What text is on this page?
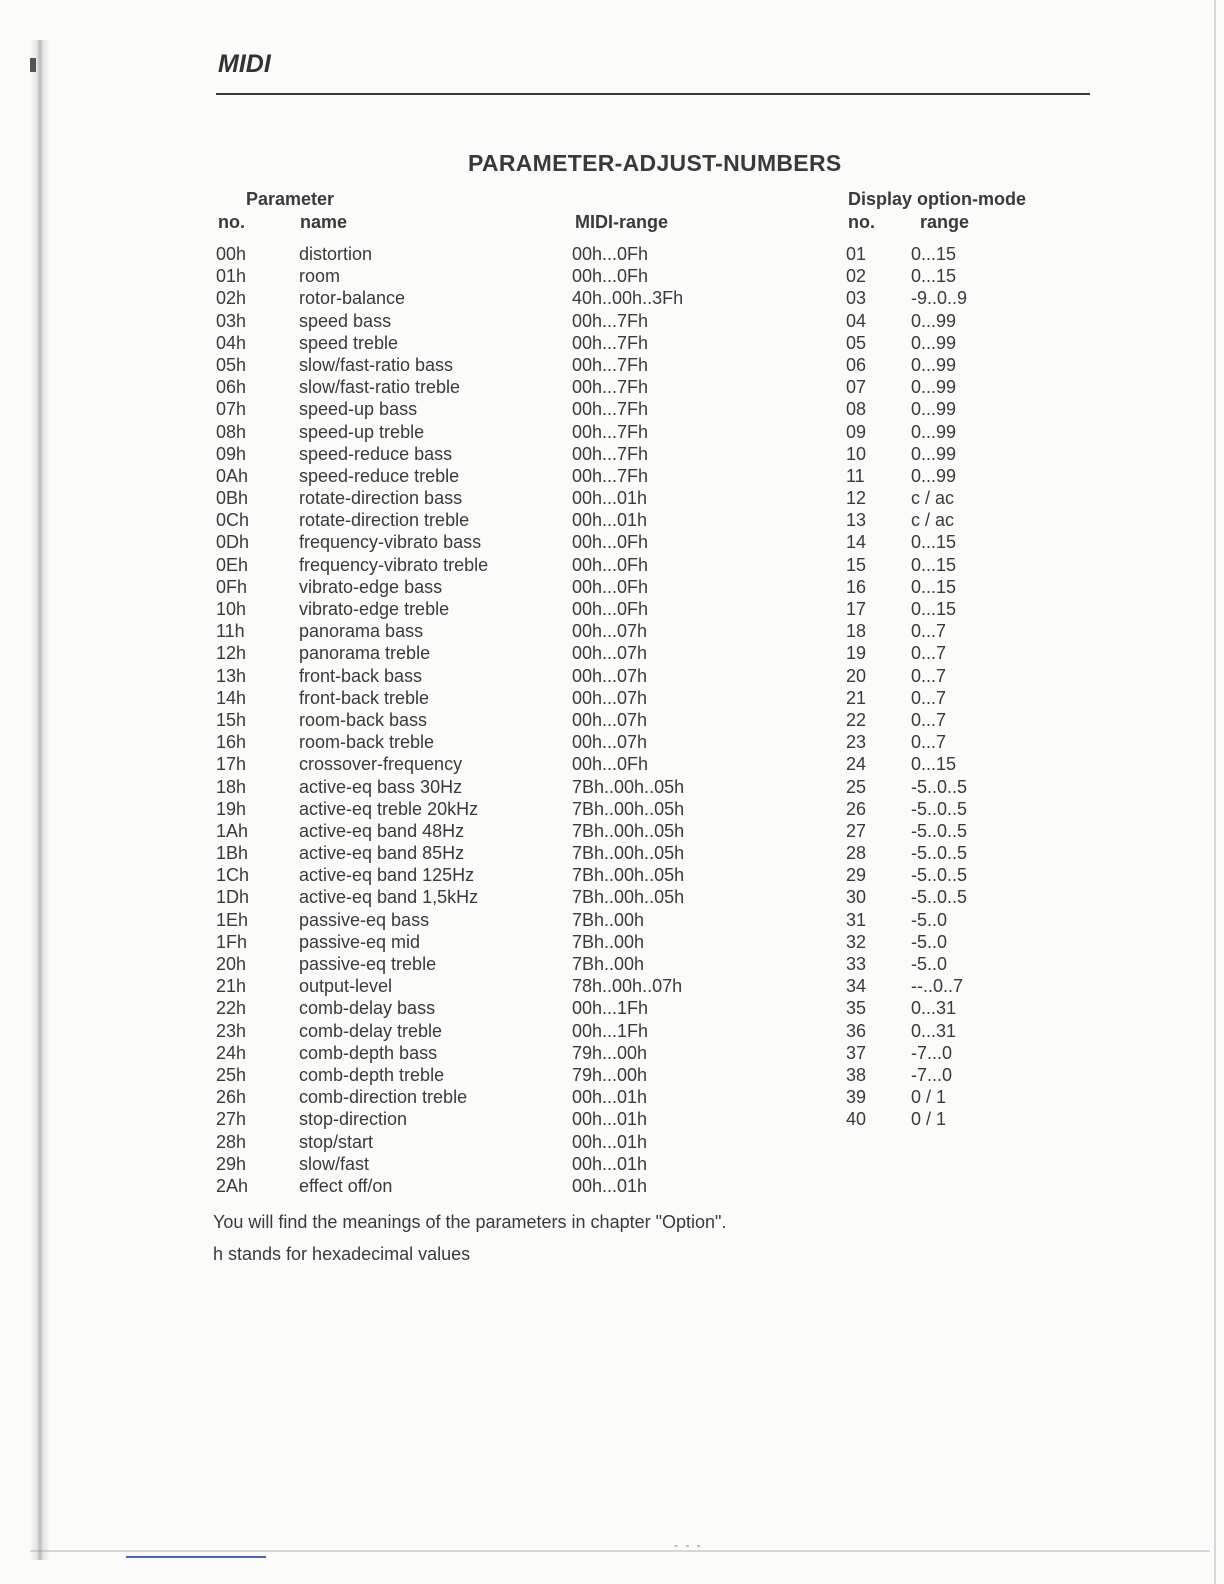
MIDI
PARAMETER-ADJUST-NUMBERS
Parameter
no.	name	MIDI-range
Display option-mode
no.	range
00h	distortion	00h...0Fh	01 0...15
01h	room	00h...0Fh	02 0...15
02h	rotor-balance	40h..00h..3Fh	03 -9..0..9
03h	speed bass	00h...7Fh	04 0...99
04h	speed treble	00h...7Fh	05 0...99
05h	slow/fast-ratio bass	00h...7Fh	06 0...99
06h	slow/fast-ratio treble	00h...7Fh	07 0...99
07h	speed-up bass	00h...7Fh	08 0...99
08h	speed-up treble	00h...7Fh	09 0...99
09h	speed-reduce bass	00h...7Fh	10 0...99
0Ah	speed-reduce treble	00h...7Fh	11	0...99
0Bh	rotate-direction bass	00h...01h	12 c / ac
0Ch	rotate-direction treble	00h...01h	13 c / ac
0Dh	frequency-vibrato bass	00h...0Fh	14 0...15
0Eh	frequency-vibrato treble	00h...0Fh	15 0...15
0Fh	vibrato-edge bass	00h...0Fh	16 0...15
10h	vibrato-edge treble	00h...0Fh	17 0...15
11h	panorama bass	00h...07h	18 0...7
12h	panorama treble	00h...07h	19 0...7
13h	front-back bass	00h...07h	20 0...7
14h	front-back treble	00h...07h	21 0...7
15h	room-back bass	00h...07h	22 0...7
16h	room-back treble	00h...07h	23 0...7
17h	crossover-frequency	00h...0Fh	24 0...15
18h	active-eq bass 30Hz	7Bh..00h..05h	25 -5..0..5
19h	active-eq treble 20kHz	7Bh..00h..05h	26 -5..0..5
1Ah	active-eq band 48Hz	7Bh..00h..05h	27 -5..0..5
1Bh	active-eq band 85Hz	7Bh..00h..05h	28 -5..0..5
1Ch	active-eq band 125Hz	7Bh..00h..05h	29 -5..0..5
1Dh	active-eq band 1,5kHz	7Bh..00h..05h	30 -5..0..5
1Eh	passive-eq bass	7Bh..00h	31 -5..0
1Fh	passive-eq mid	7Bh..00h	32 -5..0
20h	passive-eq treble	7Bh..00h	33 -5..0
21h	output-level	78h..00h..07h	34 --..0..7
22h	comb-delay bass	00h...1Fh	35 0...31
23h	comb-delay treble	00h...1Fh	36 0...31
24h	comb-depth bass	79h...00h	37 -7...0
25h	comb-depth treble	79h...00h	38 -7...0
26h	comb-direction treble	00h...01h	39 0 / 1
27h	stop-direction	00h...01h	40 0 / 1
28h	stop/start	00h...01h
29h	slow/fast	00h...01h
2Ah	effect off/on	00h...01h
You will find the meanings of the parameters in chapter "Option".
h stands for hexadecimal values
- - -
